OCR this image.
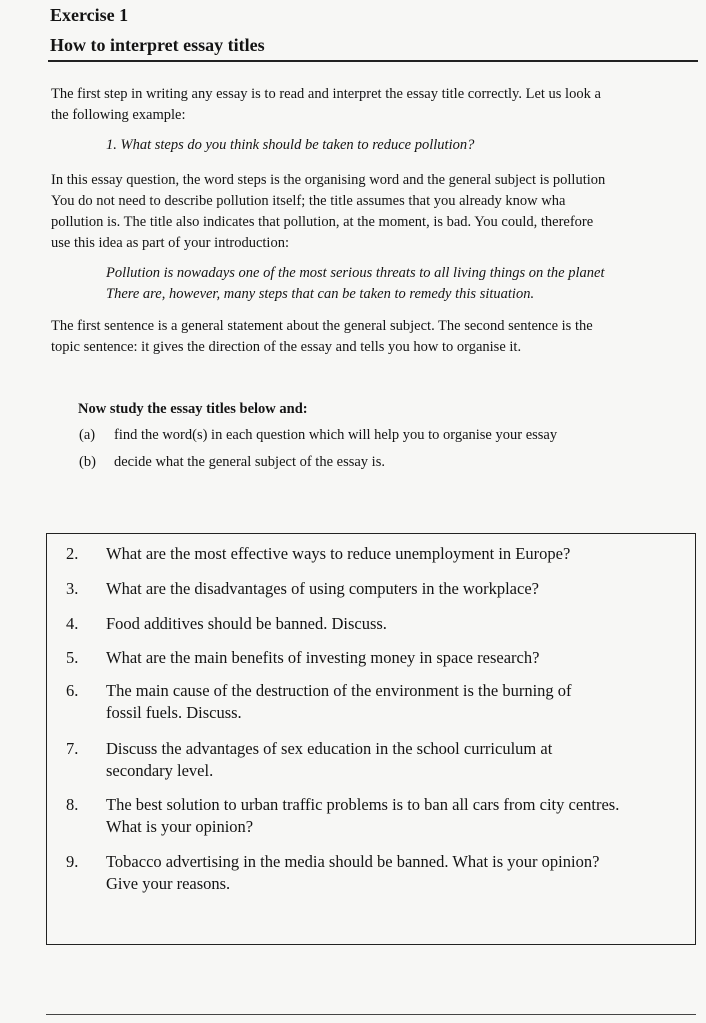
Exercise 1
How to interpret essay titles
The first step in writing any essay is to read and interpret the essay title correctly. Let us look a
the following example:
1. What steps do you think should be taken to reduce pollution?
In this essay question, the word steps is the organising word and the general subject is pollution
You do not need to describe pollution itself; the title assumes that you already know wha
pollution is. The title also indicates that pollution, at the moment, is bad. You could, therefore
use this idea as part of your introduction:
Pollution is nowadays one of the most serious threats to all living things on the planet
There are, however, many steps that can be taken to remedy this situation.
The first sentence is a general statement about the general subject. The second sentence is the
topic sentence: it gives the direction of the essay and tells you how to organise it.
Now study the essay titles below and:
(a) find the word(s) in each question which will help you to organise your essay
(b) decide what the general subject of the essay is.
2.	What are the most effective ways to reduce unemployment in Europe?
3.	What are the disadvantages of using computers in the workplace?
4.	Food additives should be banned. Discuss.
5.	What are the main benefits of investing money in space research?
6.	The main cause of the destruction of the environment is the burning of
fossil fuels. Discuss.
7.	Discuss the advantages of sex education in the school curriculum at
secondary level.
8.	The best solution to urban traffic problems is to ban all cars from city centres.
What is your opinion?
9.	Tobacco advertising in the media should be banned. What is your opinion?
Give your reasons.
